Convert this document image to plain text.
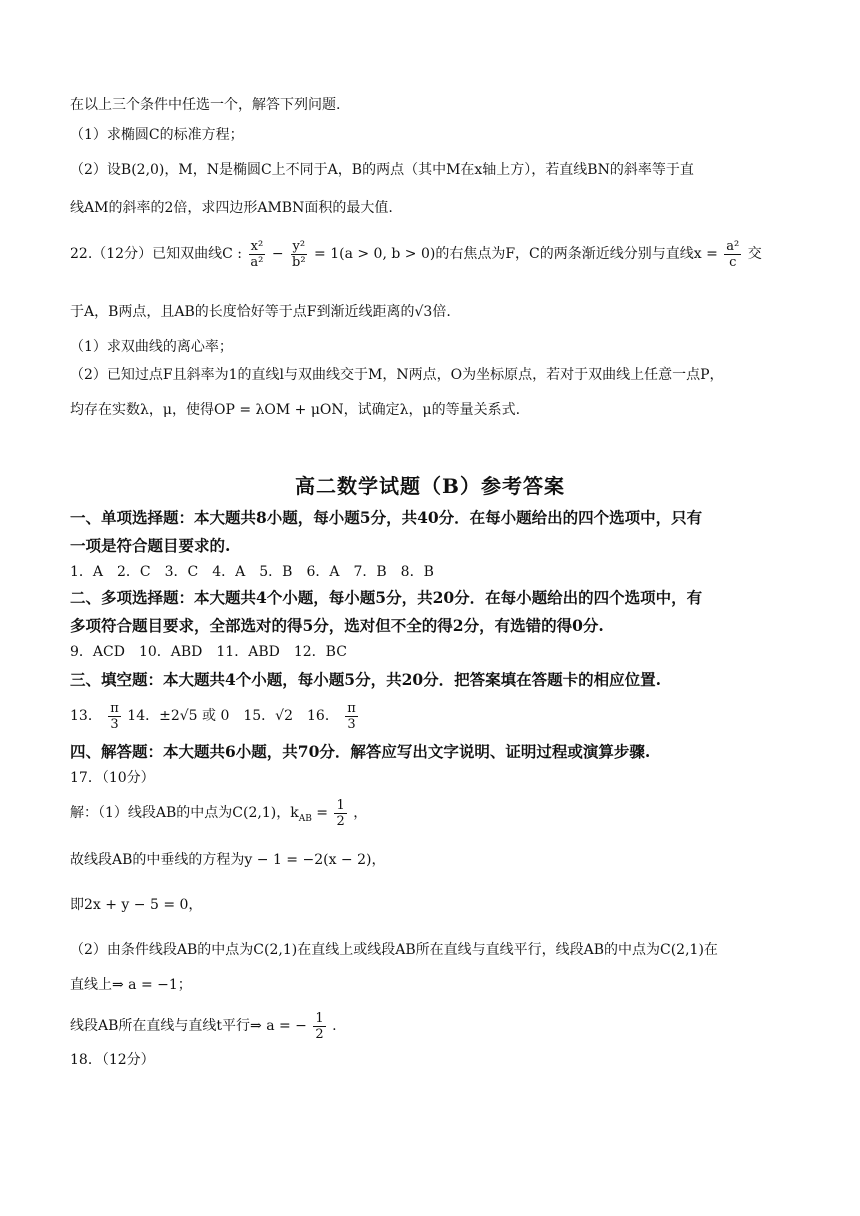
在以上三个条件中任选一个，解答下列问题.
（1）求椭圆C的标准方程；
（2）设B(2,0)，M，N是椭圆C上不同于A，B的两点（其中M在x轴上方），若直线BN的斜率等于直
线AM的斜率的2倍，求四边形AMBN面积的最大值.
22.（12分）已知双曲线C : $\frac{\text{x²}}{\text{a²}} - \frac{\text{y²}}{\text{b²}} = 1(a > 0$, b > 0)的右焦点为F，C的两条渐近线分别与直线$x = \frac{\text{a²}}{c}$ 交
于A，B两点，且AB的长度恰好等于点F到渐近线距离的√3倍.
（1）求双曲线的离心率；
（2）已知过点F且斜率为1的直线l与双曲线交于M，N两点，O为坐标原点，若对于双曲线上任意一点P，
均存在实数λ，μ，使得OP = λOM + μON，试确定λ，μ的等量关系式.
高二数学试题（B）参考答案
一、单项选择题：本大题共8小题，每小题5分，共40分．在每小题给出的四个选项中，只有
一项是符合题目要求的.
1．A　2．C　3．C　4．A　5．B　6．A　7．B　8．B
二、多项选择题：本大题共4个小题，每小题5分，共20分．在每小题给出的四个选项中，有
多项符合题目要求，全部选对的得5分，选对但不全的得2分，有选错的得0分.
9．ACD　10．ABD　11．ABD　12．BC
三、填空题：本大题共4个小题，每小题5分，共20分．把答案填在答题卡的相应位置.
13． $\frac{\pi}{3} 14$．±2√5 或 0　15．√2　16． $\frac{\pi}{3}$
四、解答题：本大题共6小题，共70分．解答应写出文字说明、证明过程或演算步骤.
17．（10分）
解：（1）线段AB的中点为C(2,1)，$k_{AB} = \frac{1}{2}$ ，
故线段AB的中垂线的方程为y − 1 = −2(x − 2)，
即2x + y − 5 = 0，
（2）由条件线段AB的中点为C(2,1)在直线上或线段AB所在直线与直线平行，线段AB的中点为C(2,1)在
直线上⇒ a = −1；
线段AB所在直线与直线t平行⇒ a = − $\frac{1}{2}$ .
18．（12分）
